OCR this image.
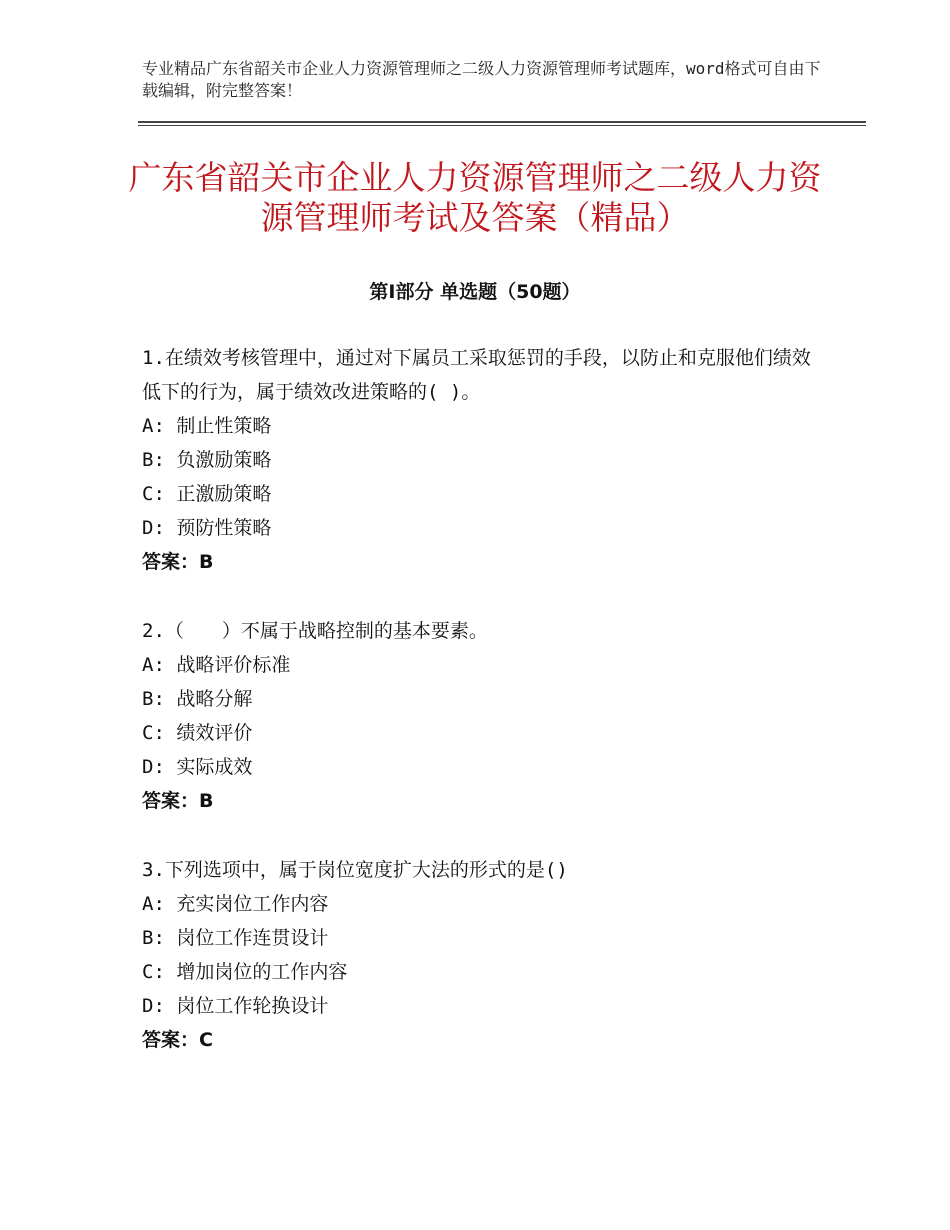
专业精品广东省韶关市企业人力资源管理师之二级人力资源管理师考试题库，word格式可自由下载编辑，附完整答案！
广东省韶关市企业人力资源管理师之二级人力资源管理师考试及答案（精品）
第Ⅰ部分 单选题（50题）
1.在绩效考核管理中，通过对下属员工采取惩罚的手段，以防止和克服他们绩效低下的行为，属于绩效改进策略的( )。
A: 制止性策略
B: 负激励策略
C: 正激励策略
D: 预防性策略
答案：B
2.（　　）不属于战略控制的基本要素。
A: 战略评价标准
B: 战略分解
C: 绩效评价
D: 实际成效
答案：B
3.下列选项中，属于岗位宽度扩大法的形式的是()
A: 充实岗位工作内容
B: 岗位工作连贯设计
C: 增加岗位的工作内容
D: 岗位工作轮换设计
答案：C
